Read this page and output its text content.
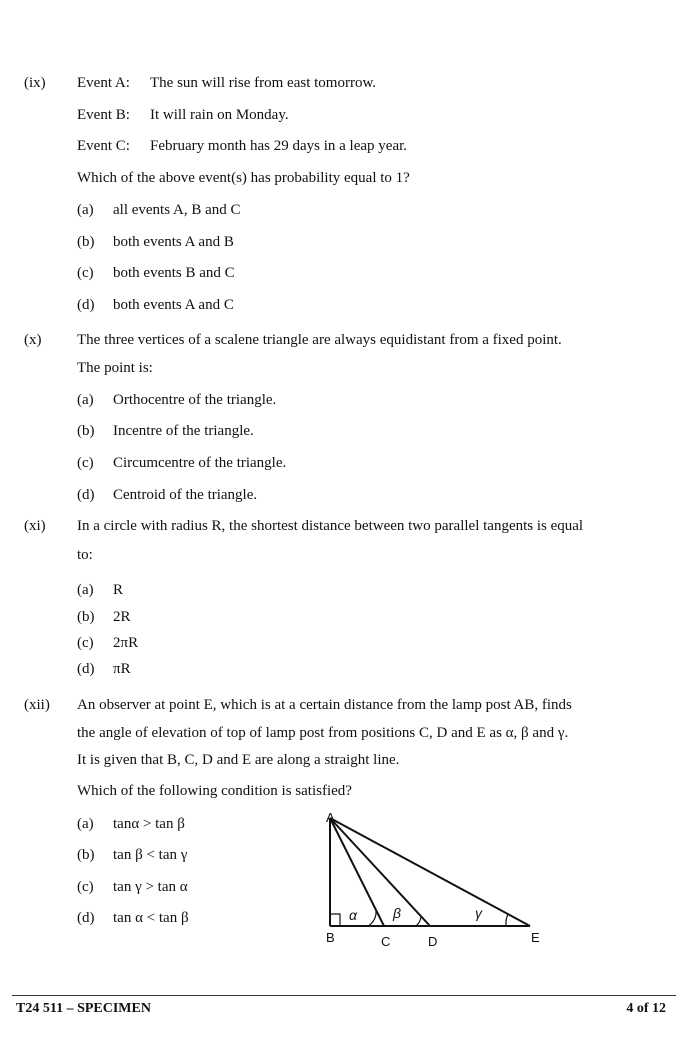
(ix) Event A: The sun will rise from east tomorrow.
Event B: It will rain on Monday.
Event C: February month has 29 days in a leap year.
Which of the above event(s) has probability equal to 1?
(a) all events A, B and C
(b) both events A and B
(c) both events B and C
(d) both events A and C
(x) The three vertices of a scalene triangle are always equidistant from a fixed point.
The point is:
(a) Orthocentre of the triangle.
(b) Incentre of the triangle.
(c) Circumcentre of the triangle.
(d) Centroid of the triangle.
(xi) In a circle with radius R, the shortest distance between two parallel tangents is equal
to:
(a) R
(b) 2R
(c) 2πR
(d) πR
(xii) An observer at point E, which is at a certain distance from the lamp post AB, finds
the angle of elevation of top of lamp post from positions C, D and E as α, β and γ.
It is given that B, C, D and E are along a straight line.
Which of the following condition is satisfied?
(a) tanα > tan β
(b) tan β < tan γ
(c) tan γ > tan α
(d) tan α < tan β
A
B	C	D	E
α	β	γ
T24 511 – SPECIMEN	4 of 12
